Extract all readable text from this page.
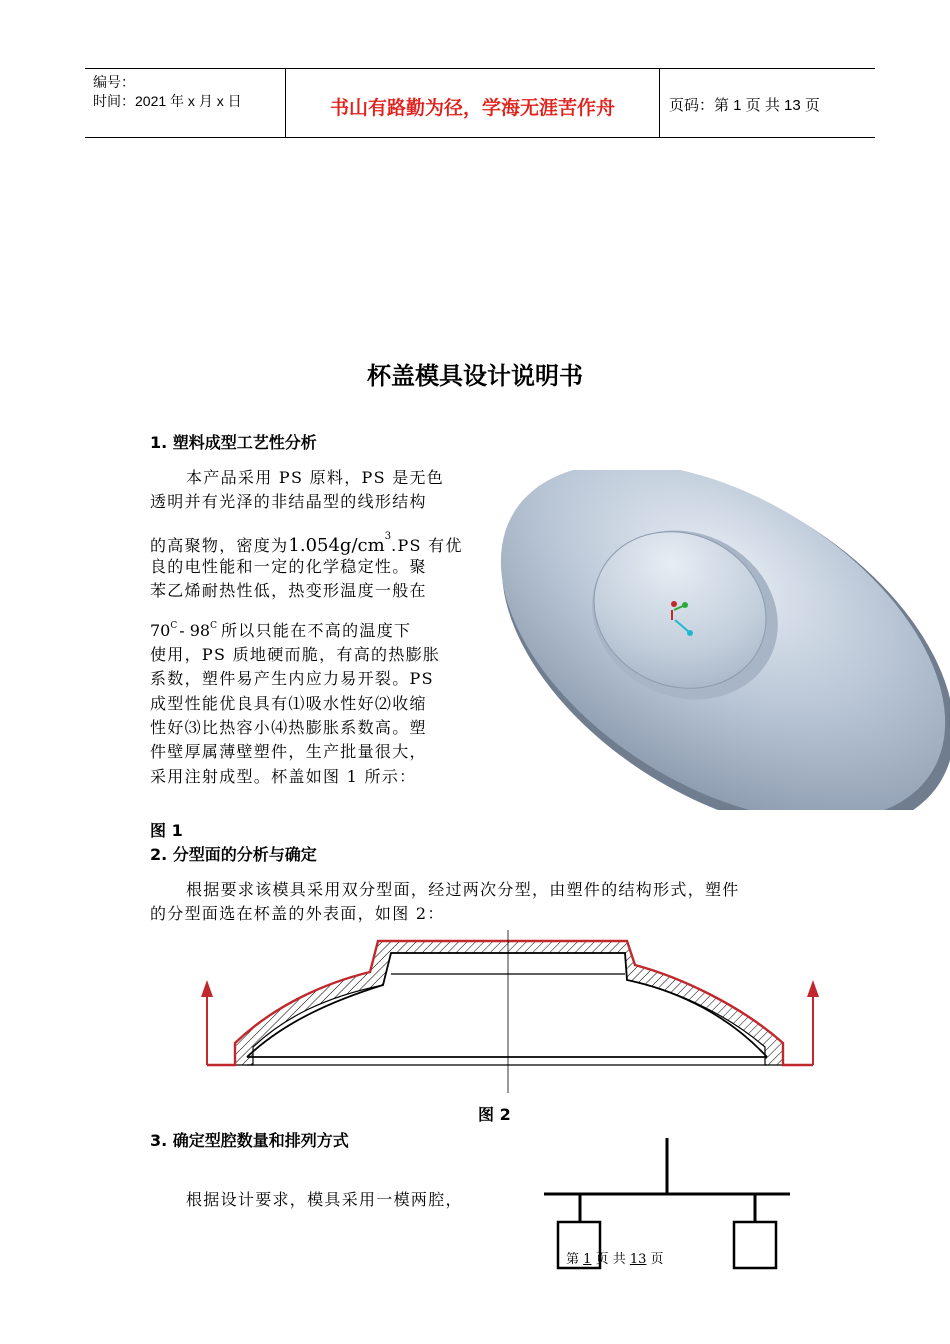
编号：
时间：2021 年 x 月 x 日	书山有路勤为径，学海无涯苦作舟	页码：第 1 页 共 13 页
杯盖模具设计说明书
1. 塑料成型工艺性分析
本产品采用 PS 原料，PS 是无色
透明并有光泽的非结晶型的线形结构
的高聚物，密度为$1.054g/cm^3.PS$ 有优
良的电性能和一定的化学稳定性。聚
苯乙烯耐热性低，热变形温度一般在
$70^C - 98^C$ 所以只能在不高的温度下
使用，PS 质地硬而脆，有高的热膨胀
系数，塑件易产生内应力易开裂。PS
成型性能优良具有⑴吸水性好⑵收缩
性好⑶比热容小⑷热膨胀系数高。塑
件壁厚属薄壁塑件，生产批量很大，
采用注射成型。杯盖如图 1 所示：
图 1
2. 分型面的分析与确定
根据要求该模具采用双分型面，经过两次分型，由塑件的结构形式，塑件
的分型面选在杯盖的外表面，如图 2：
图 2
3. 确定型腔数量和排列方式
根据设计要求，模具采用一模两腔，
第 1 页 共 13 页
